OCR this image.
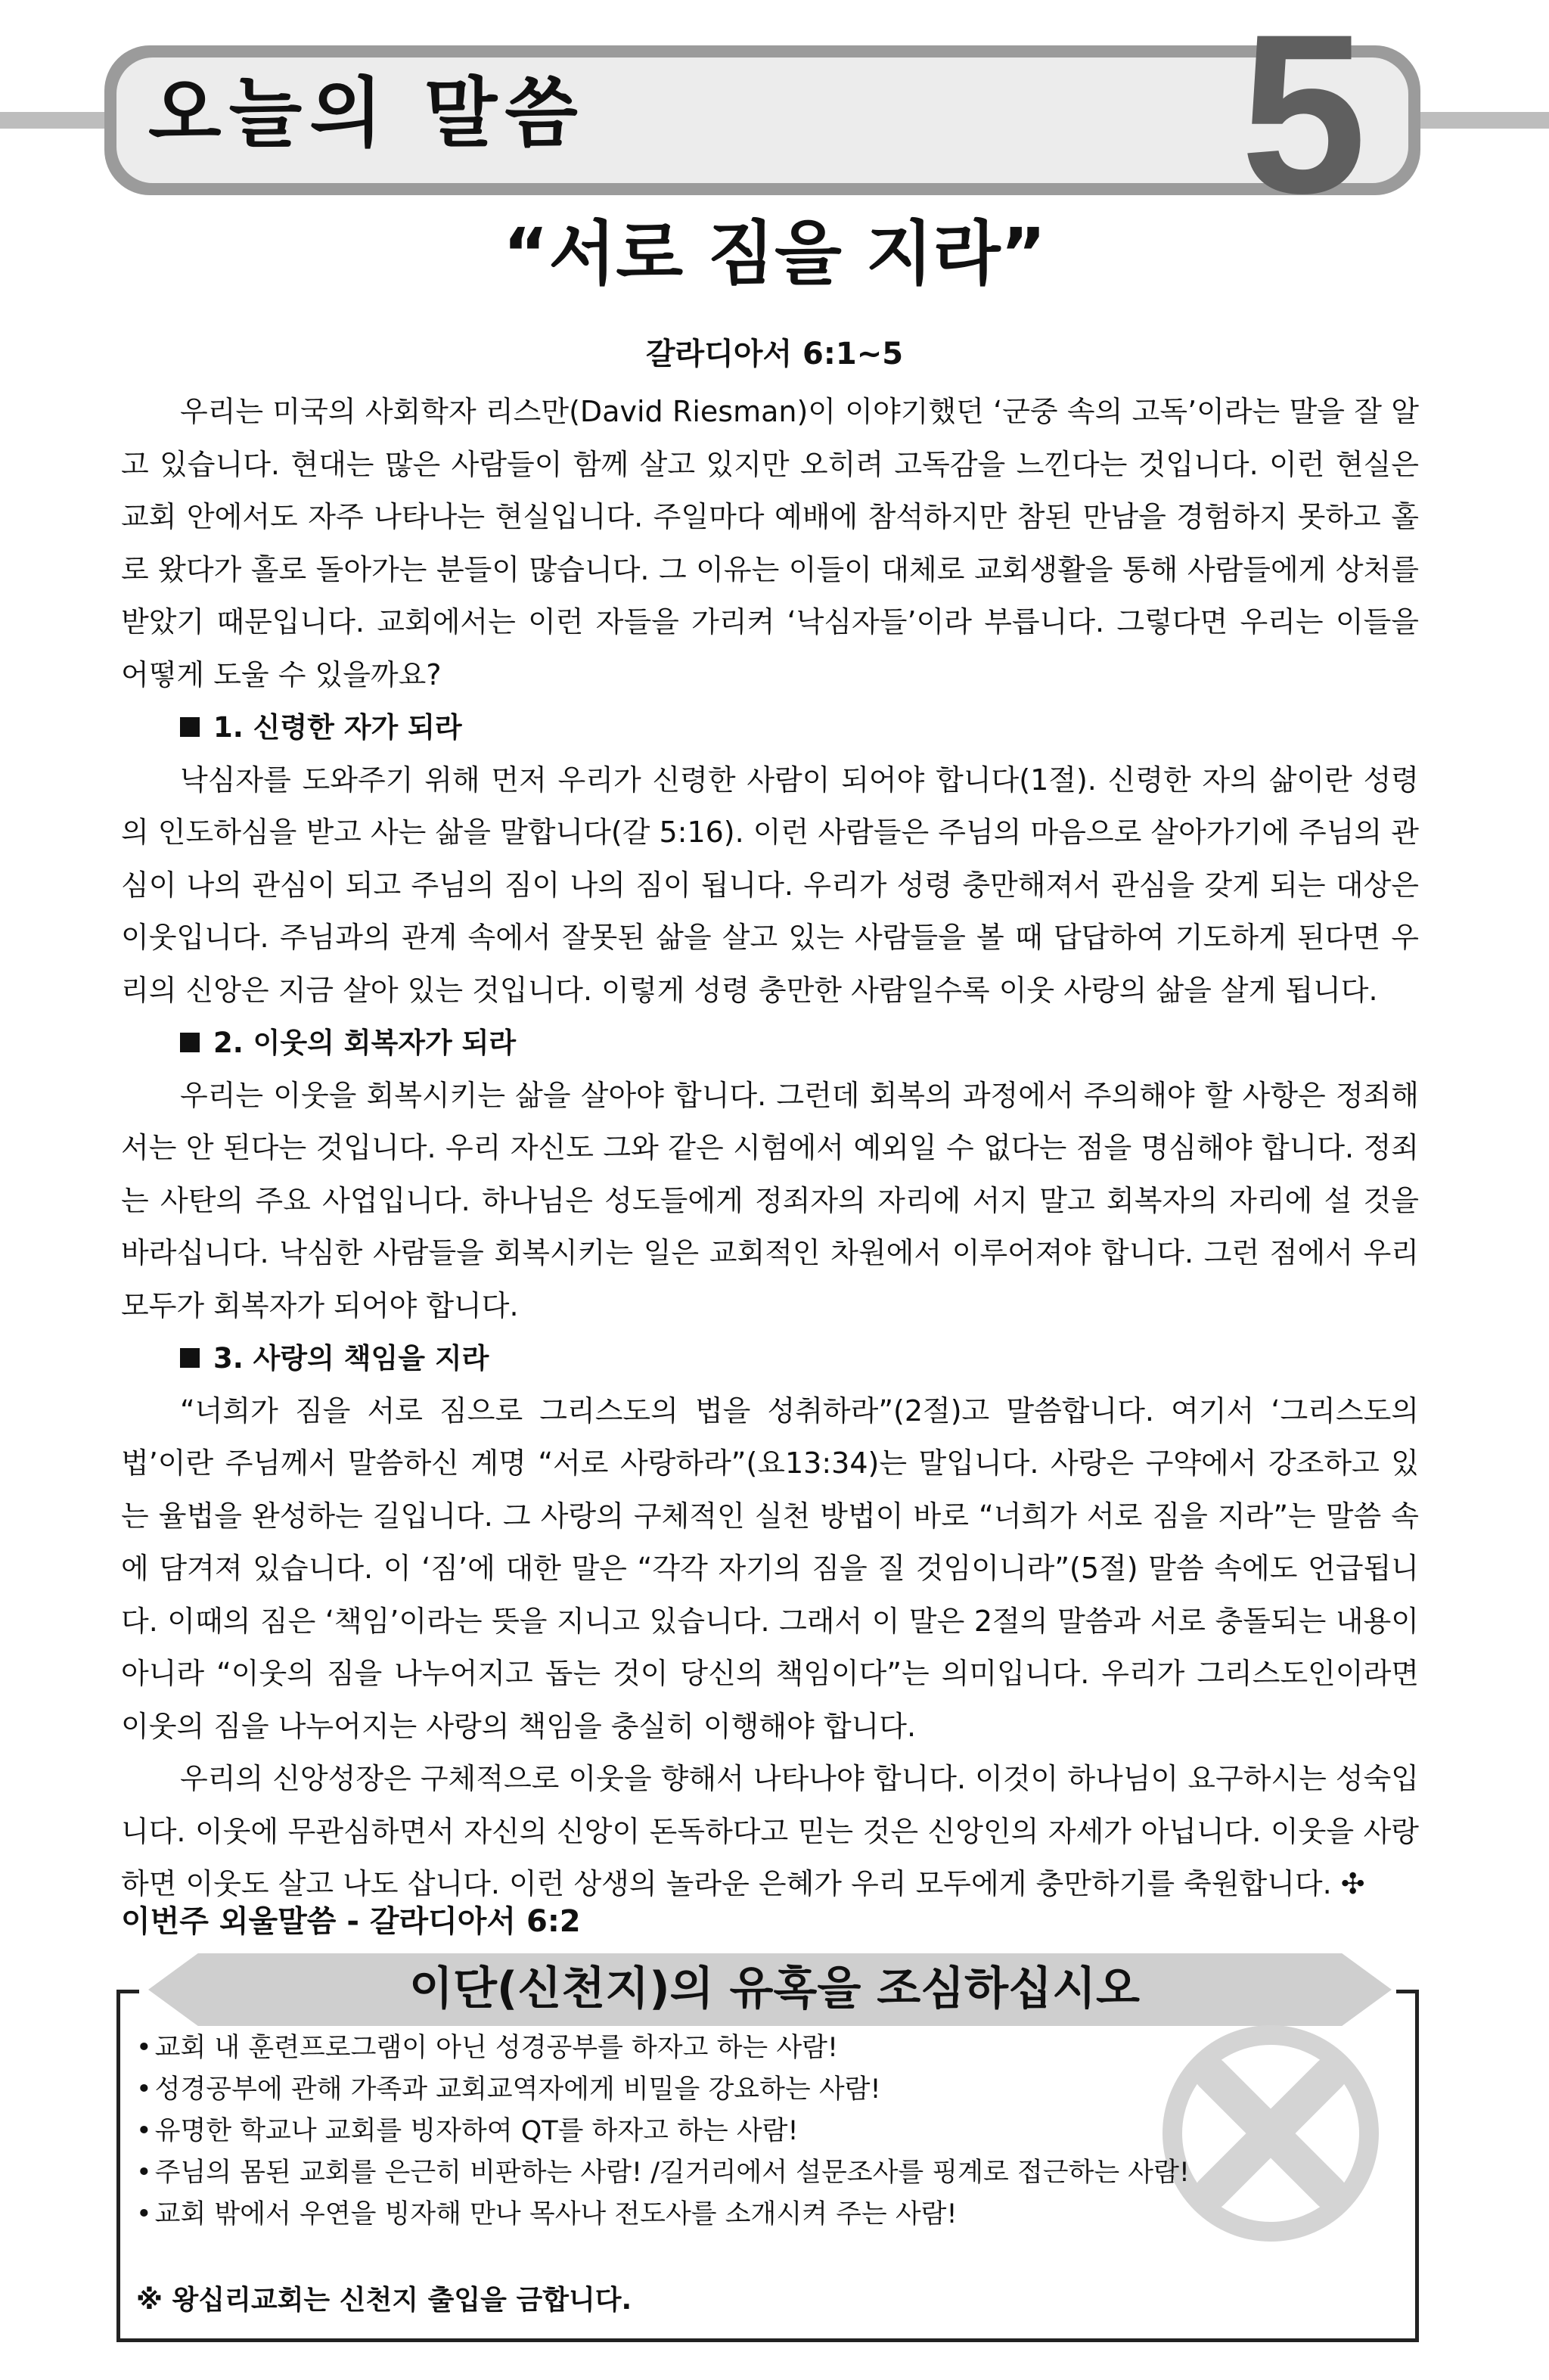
오늘의 말씀	5
“서로 짐을 지라”
갈라디아서 6:1~5

우리는 미국의 사회학자 리스만(David Riesman)이 이야기했던 ‘군중 속의 고독’이라는 말을 잘 알고 있습니다. 현대는 많은 사람들이 함께 살고 있지만 오히려 고독감을 느낀다는 것입니다. 이런 현실은 교회 안에서도 자주 나타나는 현실입니다. 주일마다 예배에 참석하지만 참된 만남을 경험하지 못하고 홀로 왔다가 홀로 돌아가는 분들이 많습니다. 그 이유는 이들이 대체로 교회생활을 통해 사람들에게 상처를 받았기 때문입니다. 교회에서는 이런 자들을 가리켜 ‘낙심자들’이라 부릅니다. 그렇다면 우리는 이들을 어떻게 도울 수 있을까요?

1. 신령한 자가 되라

낙심자를 도와주기 위해 먼저 우리가 신령한 사람이 되어야 합니다(1절). 신령한 자의 삶이란 성령의 인도하심을 받고 사는 삶을 말합니다(갈 5:16). 이런 사람들은 주님의 마음으로 살아가기에 주님의 관심이 나의 관심이 되고 주님의 짐이 나의 짐이 됩니다. 우리가 성령 충만해져서 관심을 갖게 되는 대상은 이웃입니다. 주님과의 관계 속에서 잘못된 삶을 살고 있는 사람들을 볼 때 답답하여 기도하게 된다면 우리의 신앙은 지금 살아 있는 것입니다. 이렇게 성령 충만한 사람일수록 이웃 사랑의 삶을 살게 됩니다.

2. 이웃의 회복자가 되라

우리는 이웃을 회복시키는 삶을 살아야 합니다. 그런데 회복의 과정에서 주의해야 할 사항은 정죄해서는 안 된다는 것입니다. 우리 자신도 그와 같은 시험에서 예외일 수 없다는 점을 명심해야 합니다. 정죄는 사탄의 주요 사업입니다. 하나님은 성도들에게 정죄자의 자리에 서지 말고 회복자의 자리에 설 것을 바라십니다. 낙심한 사람들을 회복시키는 일은 교회적인 차원에서 이루어져야 합니다. 그런 점에서 우리 모두가 회복자가 되어야 합니다.

3. 사랑의 책임을 지라

“너희가 짐을 서로 짐으로 그리스도의 법을 성취하라”(2절)고 말씀합니다. 여기서 ‘그리스도의 법’이란 주님께서 말씀하신 계명 “서로 사랑하라”(요13:34)는 말입니다. 사랑은 구약에서 강조하고 있는 율법을 완성하는 길입니다. 그 사랑의 구체적인 실천 방법이 바로 “너희가 서로 짐을 지라”는 말씀 속에 담겨져 있습니다. 이 ‘짐’에 대한 말은 “각각 자기의 짐을 질 것임이니라”(5절) 말씀 속에도 언급됩니다. 이때의 짐은 ‘책임’이라는 뜻을 지니고 있습니다. 그래서 이 말은 2절의 말씀과 서로 충돌되는 내용이 아니라 “이웃의 짐을 나누어지고 돕는 것이 당신의 책임이다”는 의미입니다. 우리가 그리스도인이라면 이웃의 짐을 나누어지는 사랑의 책임을 충실히 이행해야 합니다.

우리의 신앙성장은 구체적으로 이웃을 향해서 나타나야 합니다. 이것이 하나님이 요구하시는 성숙입니다. 이웃에 무관심하면서 자신의 신앙이 돈독하다고 믿는 것은 신앙인의 자세가 아닙니다. 이웃을 사랑하면 이웃도 살고 나도 삽니다. 이런 상생의 놀라운 은혜가 우리 모두에게 충만하기를 축원합니다. ✣

이번주 외울말씀 - 갈라디아서 6:2
이단(신천지)의 유혹을 조심하십시오
• 교회 내 훈련프로그램이 아닌 성경공부를 하자고 하는 사람!
• 성경공부에 관해 가족과 교회교역자에게 비밀을 강요하는 사람!
• 유명한 학교나 교회를 빙자하여 QT를 하자고 하는 사람!
• 주님의 몸된 교회를 은근히 비판하는 사람! /길거리에서 설문조사를 핑계로 접근하는 사람!
• 교회 밖에서 우연을 빙자해 만나 목사나 전도사를 소개시켜 주는 사람!
※ 왕십리교회는 신천지 출입을 금합니다.
